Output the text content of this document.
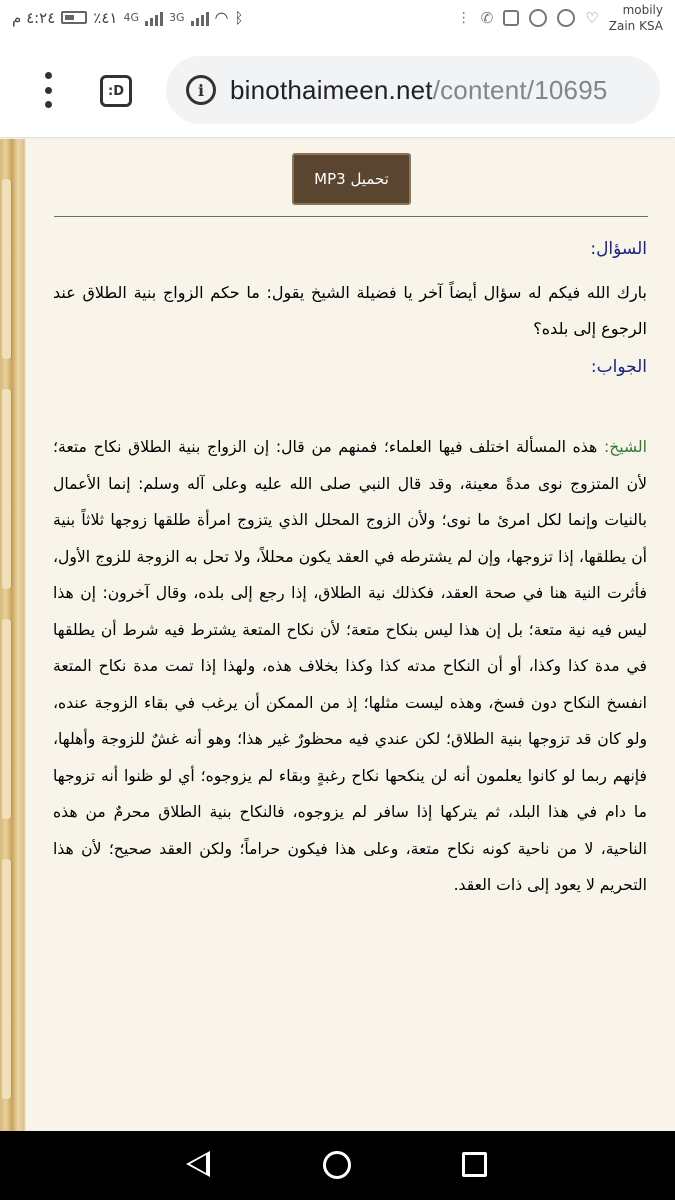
٤:٢٤ م	٪٤١ 4G	3G ◠ ᛒ	⋮ ✆	♡	mobily
Zain KSA
:D	i binothaimeen.net/content/10695
تحميل MP3
السؤال:
بارك الله فيكم له سؤال أيضاً آخر يا فضيلة الشيخ يقول: ما حكم الزواج بنية الطلاق عند الرجوع إلى بلده؟
الجواب:
الشيخ: هذه المسألة اختلف فيها العلماء؛ فمنهم من قال: إن الزواج بنية الطلاق نكاح متعة؛ لأن المتزوج نوى مدةً معينة، وقد قال النبي صلى الله عليه وعلى آله وسلم: إنما الأعمال بالنيات وإنما لكل امرئ ما نوى؛ ولأن الزوج المحلل الذي يتزوج امرأة طلقها زوجها ثلاثاً بنية أن يطلقها، إذا تزوجها، وإن لم يشترطه في العقد يكون محللاً، ولا تحل به الزوجة للزوج الأول، فأثرت النية هنا في صحة العقد، فكذلك نية الطلاق، إذا رجع إلى بلده، وقال آخرون: إن هذا ليس فيه نية متعة؛ بل إن هذا ليس بنكاح متعة؛ لأن نكاح المتعة يشترط فيه شرط أن يطلقها في مدة كذا وكذا، أو أن النكاح مدته كذا وكذا بخلاف هذه، ولهذا إذا تمت مدة نكاح المتعة انفسخ النكاح دون فسخ، وهذه ليست مثلها؛ إذ من الممكن أن يرغب في بقاء الزوجة عنده، ولو كان قد تزوجها بنية الطلاق؛ لكن عندي فيه محظورٌ غير هذا؛ وهو أنه غشٌ للزوجة وأهلها، فإنهم ربما لو كانوا يعلمون أنه لن ينكحها نكاح رغبةٍ وبقاء لم يزوجوه؛ أي لو ظنوا أنه تزوجها ما دام في هذا البلد، ثم يتركها إذا سافر لم يزوجوه، فالنكاح بنية الطلاق محرمٌ من هذه الناحية، لا من ناحية كونه نكاح متعة، وعلى هذا فيكون حراماً؛ ولكن العقد صحيح؛ لأن هذا التحريم لا يعود إلى ذات العقد.
